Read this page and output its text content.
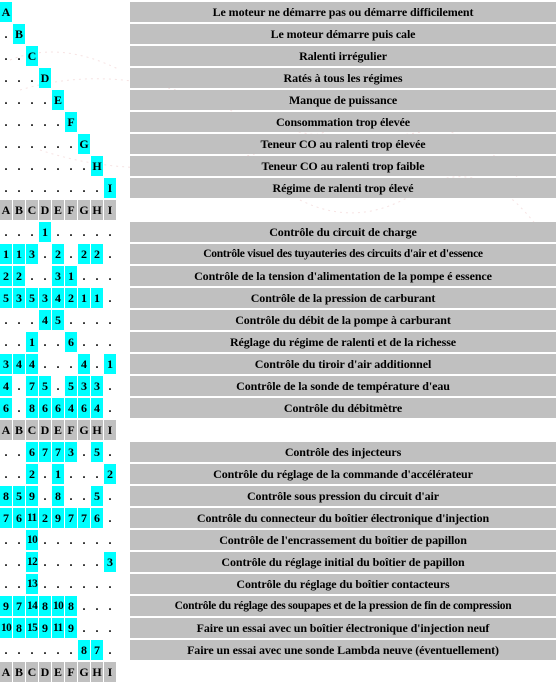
A	Le moteur ne démarre pas ou démarre difficilement
. B	Le moteur démarre puis cale
. . C	Ralenti irrégulier
. . . D	Ratés à tous les régimes
. . . . E	Manque de puissance
. . . . . F	Consommation trop élevée
. . . . . . G	Teneur CO au ralenti trop élevée
. . . . . . . H	Teneur CO au ralenti trop faible
. . . . . . . . I	Régime de ralenti trop élevé
A B C D E F G H I
. . . 1 . . . . .	Contrôle du circuit de charge
1 1 3 . 2 . 2 2 .	Contrôle visuel des tuyauteries des circuits d'air et d'essence
2 2 . . 3 1 . . .	Contrôle de la tension d'alimentation de la pompe é essence
5 3 5 3 4 2 1 1 .	Contrôle de la pression de carburant
. . . 4 5 . . . .	Contrôle du débit de la pompe à carburant
. . 1 . . 6 . . .	Réglage du régime de ralenti et de la richesse
3 4 4 . . . 4 . 1	Contrôle du tiroir d'air additionnel
4 . 7 5 . 5 3 3 .	Contrôle de la sonde de température d'eau
6 . 8 6 6 4 6 4 .	Contrôle du débitmètre
A B C D E F G H I
. . 6 7 7 3 . 5 .	Contrôle des injecteurs
. . 2 . 1 . . . 2	Contrôle du réglage de la commande d'accélérateur
8 5 9 . 8 . . 5 .	Contrôle sous pression du circuit d'air
7 6 11 2 9 7 7 6 .	Contrôle du connecteur du boîtier électronique d'injection
. . 10 . . . . . .	Contrôle de l'encrassement du boîtier de papillon
. . 12 . . . . . 3	Contrôle du réglage initial du boîtier de papillon
. . 13 . . . . . .	Contrôle du réglage du boîtier contacteurs
9 7 14 8 10 8 . . .	Contrôle du réglage des soupapes et de la pression de fin de compression
10 8 15 9 11 9 . . .	Faire un essai avec un boîtier électronique d'injection neuf
. . . . . . 8 7 .	Faire un essai avec une sonde Lambda neuve (éventuellement)
A B C D E F G H I
